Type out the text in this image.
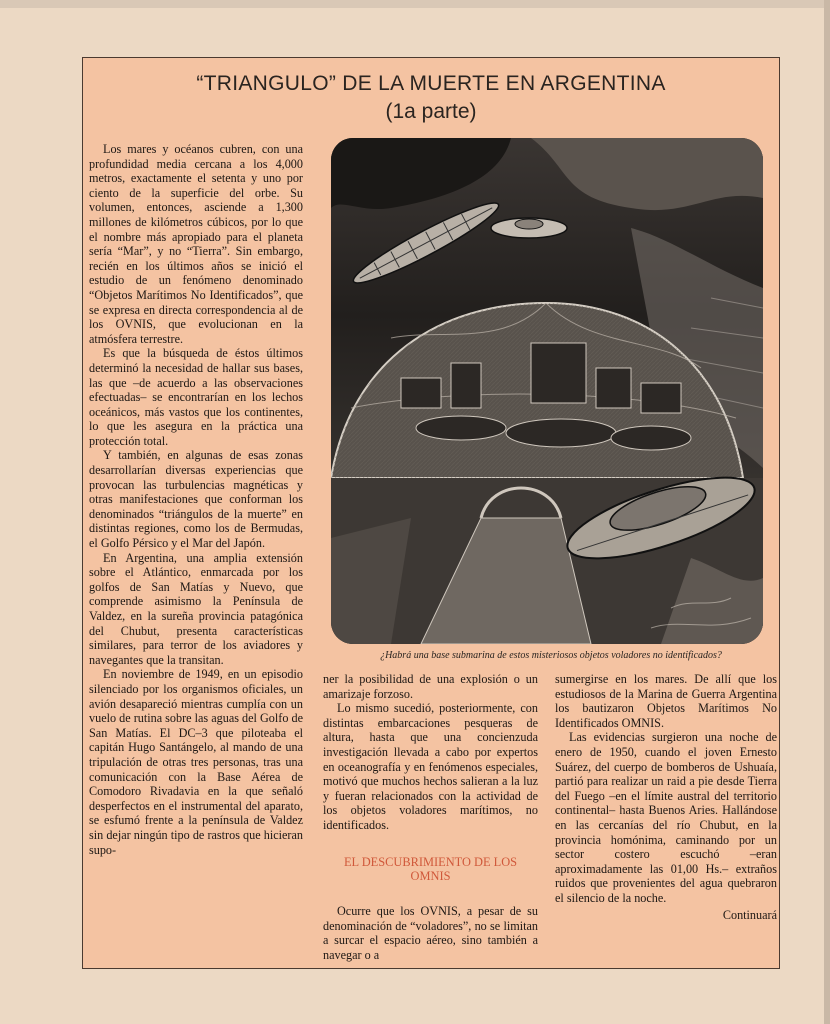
“TRIANGULO” DE LA MUERTE EN ARGENTINA
(1a parte)

Los mares y océanos cubren, con una profundidad media cercana a los 4,000 metros, exactamente el setenta y uno por ciento de la superficie del orbe. Su volumen, entonces, asciende a 1,300 millones de kilómetros cúbicos, por lo que el nombre más apropiado para el planeta sería “Mar”, y no “Tierra”. Sin embargo, recién en los últimos años se inició el estudio de un fenómeno denominado “Objetos Marítimos No Identificados”, que se expresa en directa correspondencia al de los OVNIS, que evolucionan en la atmósfera terrestre.

Es que la búsqueda de éstos últimos determinó la necesidad de hallar sus bases, las que –de acuerdo a las observaciones efectuadas– se encontrarían en los lechos oceánicos, más vastos que los continentes, lo que les asegura en la práctica una protección total.

Y también, en algunas de esas zonas desarrollarían diversas experiencias que provocan las turbulencias magnéticas y otras manifestaciones que conforman los denominados “triángulos de la muerte” en distintas regiones, como los de Bermudas, el Golfo Pérsico y el Mar del Japón.

En Argentina, una amplia extensión sobre el Atlántico, enmarcada por los golfos de San Matías y Nuevo, que comprende asimismo la Península de Valdez, en la sureña provincia patagónica del Chubut, presenta características similares, para terror de los aviadores y navegantes que la transitan.

En noviembre de 1949, en un episodio silenciado por los organismos oficiales, un avión desapareció mientras cumplía con un vuelo de rutina sobre las aguas del Golfo de San Matías. El DC–3 que piloteaba el capitán Hugo Santángelo, al mando de una tripulación de otras tres personas, tras una comunicación con la Base Aérea de Comodoro Rivadavia en la que señaló desperfectos en el instrumental del aparato, se esfumó frente a la península de Valdez sin dejar ningún tipo de rastros que hicieran supo-

¿Habrá una base submarina de estos misteriosos objetos voladores no identificados?

ner la posibilidad de una explosión o un amarizaje forzoso.

Lo mismo sucedió, posteriormente, con distintas embarcaciones pesqueras de altura, hasta que una concienzuda investigación llevada a cabo por expertos en oceanografía y en fenómenos especiales, motivó que muchos hechos salieran a la luz y fueran relacionados con la actividad de los objetos voladores marítimos, no identificados.

EL DESCUBRIMIENTO DE LOS OMNIS

Ocurre que los OVNIS, a pesar de su denominación de “voladores”, no se limitan a surcar el espacio aéreo, sino también a navegar o a

sumergirse en los mares. De allí que los estudiosos de la Marina de Guerra Argentina los bautizaron Objetos Marítimos No Identificados OMNIS.

Las evidencias surgieron una noche de enero de 1950, cuando el joven Ernesto Suárez, del cuerpo de bomberos de Ushuaía, partió para realizar un raid a pie desde Tierra del Fuego –en el límite austral del territorio continental– hasta Buenos Aries. Hallándose en las cercanías del río Chubut, en la provincia homónima, caminando por un sector costero escuchó –eran aproximadamente las 01,00 Hs.– extraños ruidos que provenientes del agua quebraron el silencio de la noche.

Continuará
